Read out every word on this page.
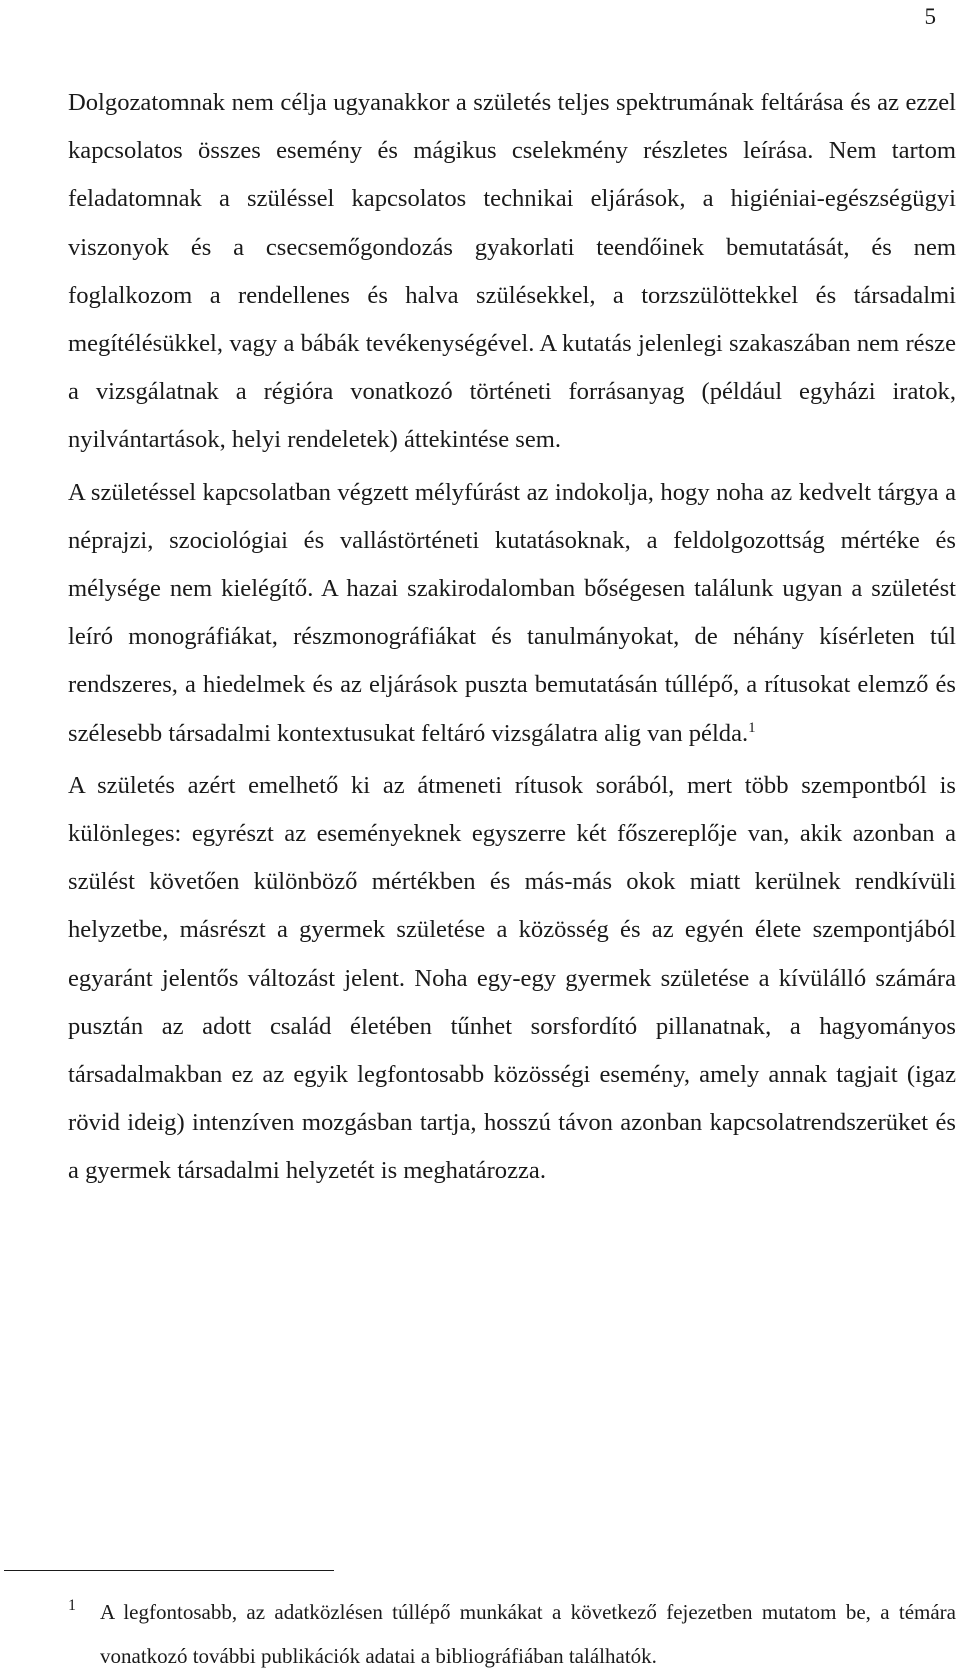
5

Dolgozatomnak nem célja ugyanakkor a születés teljes spektrumának feltárása és az ezzel kapcsolatos összes esemény és mágikus cselekmény részletes leírása. Nem tartom feladatomnak a szüléssel kapcsolatos technikai eljárások, a higiéniai-egészségügyi viszonyok és a csecsemőgondozás gyakorlati teendőinek bemutatását, és nem foglalkozom a rendellenes és halva szülésekkel, a torzszülöttekkel és társadalmi megítélésükkel, vagy a bábák tevékenységével. A kutatás jelenlegi szakaszában nem része a vizsgálatnak a régióra vonatkozó történeti forrásanyag (például egyházi iratok, nyilvántartások, helyi rendeletek) áttekintése sem.

A születéssel kapcsolatban végzett mélyfúrást az indokolja, hogy noha az kedvelt tárgya a néprajzi, szociológiai és vallástörténeti kutatásoknak, a feldolgozottság mértéke és mélysége nem kielégítő. A hazai szakirodalomban bőségesen találunk ugyan a születést leíró monográfiákat, részmonográfiákat és tanulmányokat, de néhány kísérleten túl rendszeres, a hiedelmek és az eljárások puszta bemutatásán túllépő, a rítusokat elemző és szélesebb társadalmi kontextusukat feltáró vizsgálatra alig van példa.$^1$

A születés azért emelhető ki az átmeneti rítusok sorából, mert több szempontból is különleges: egyrészt az eseményeknek egyszerre két főszereplője van, akik azonban a szülést követően különböző mértékben és más-más okok miatt kerülnek rendkívüli helyzetbe, másrészt a gyermek születése a közösség és az egyén élete szempontjából egyaránt jelentős változást jelent. Noha egy-egy gyermek születése a kívülálló számára pusztán az adott család életében tűnhet sorsfordító pillanatnak, a hagyományos társadalmakban ez az egyik legfontosabb közösségi esemény, amely annak tagjait (igaz rövid ideig) intenzíven mozgásban tartja, hosszú távon azonban kapcsolatrendszerüket és a gyermek társadalmi helyzetét is meghatározza.

1 A legfontosabb, az adatközlésen túllépő munkákat a következő fejezetben mutatom be, a témára vonatkozó további publikációk adatai a bibliográfiában találhatók.
